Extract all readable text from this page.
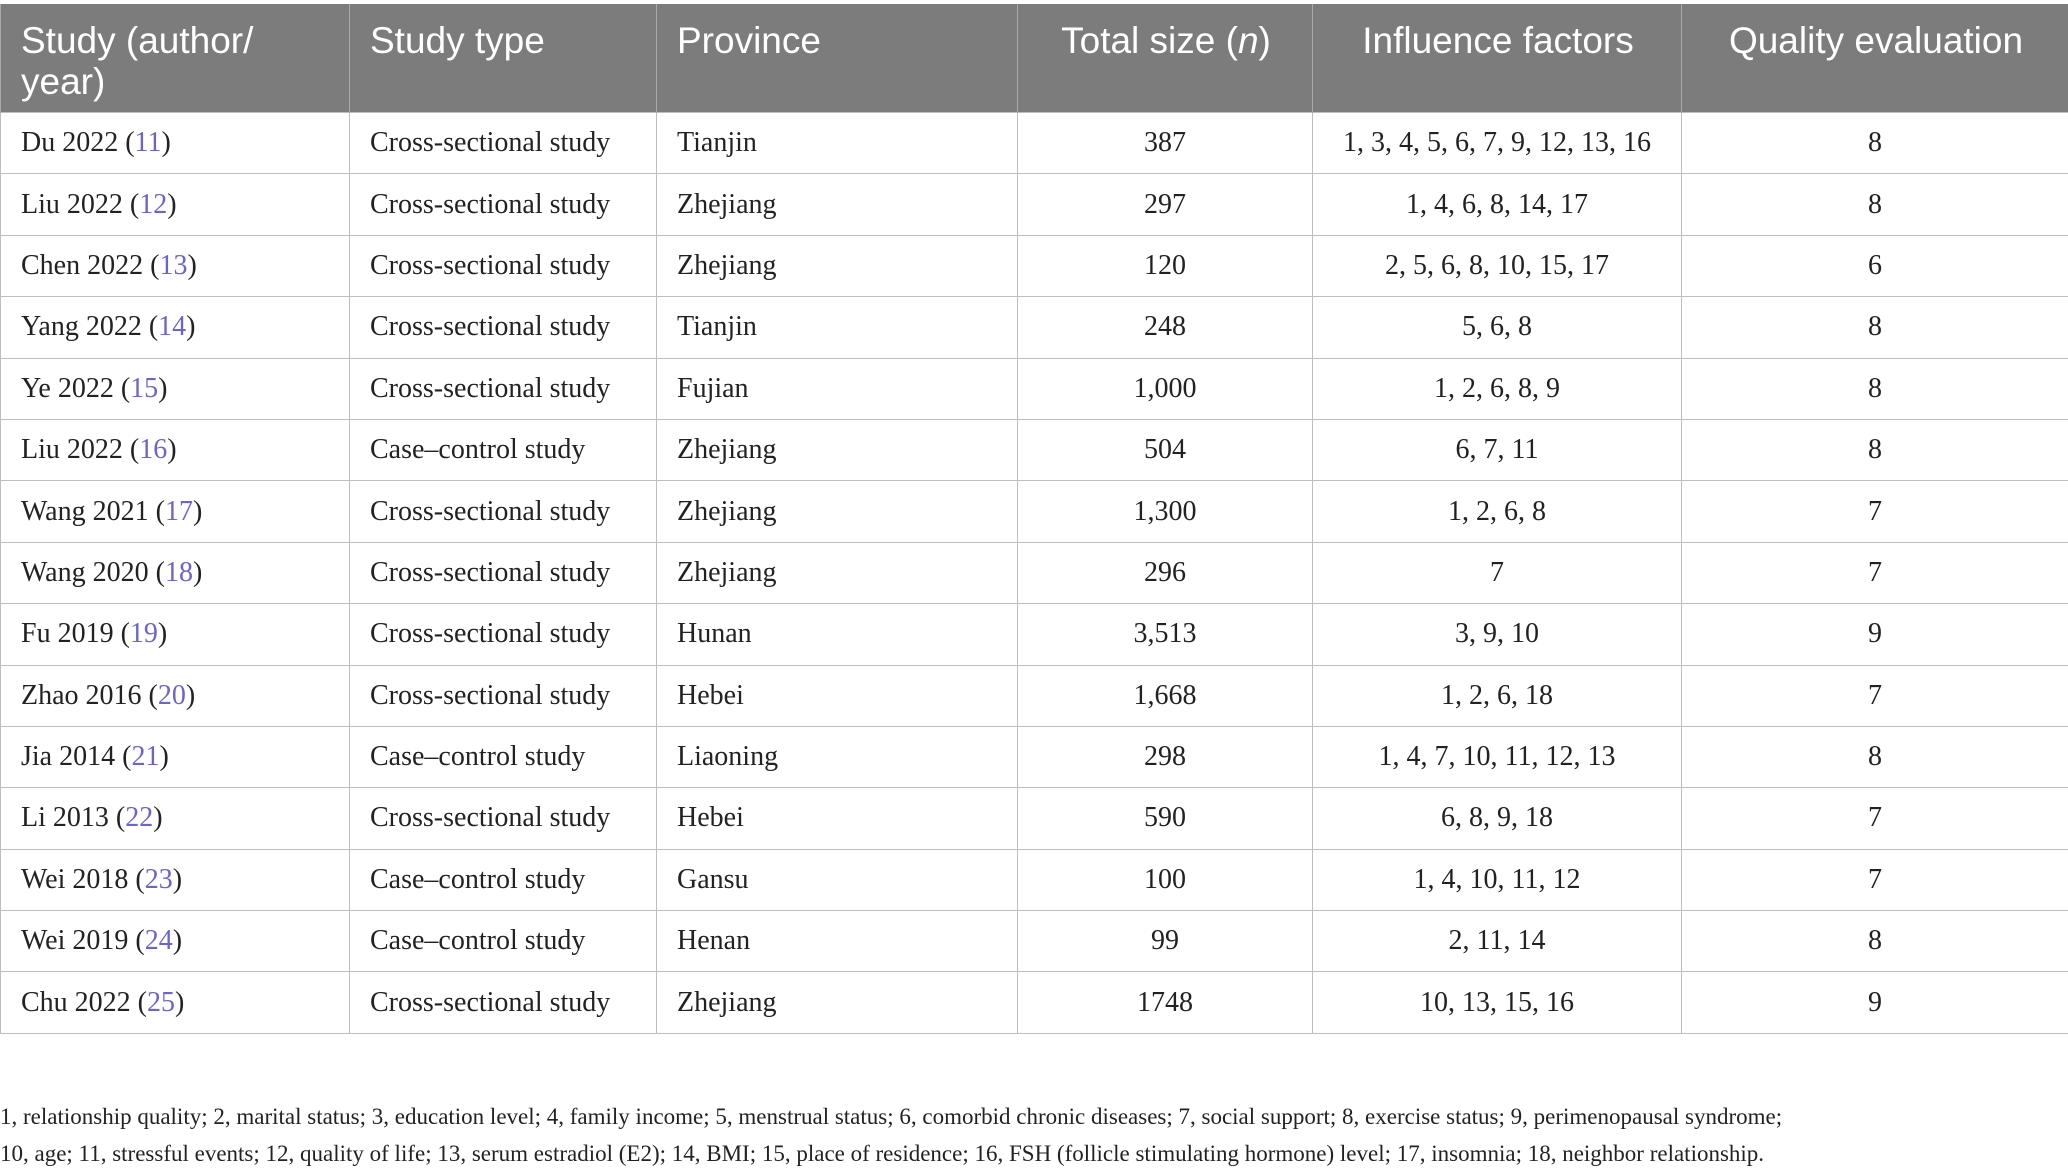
Study (author/ year)	Study type	Province	Total size (n)	Influence factors	Quality evaluation
Du 2022 (11)	Cross-sectional study	Tianjin	387	1, 3, 4, 5, 6, 7, 9, 12, 13, 16	8
Liu 2022 (12)	Cross-sectional study	Zhejiang	297	1, 4, 6, 8, 14, 17	8
Chen 2022 (13)	Cross-sectional study	Zhejiang	120	2, 5, 6, 8, 10, 15, 17	6
Yang 2022 (14)	Cross-sectional study	Tianjin	248	5, 6, 8	8
Ye 2022 (15)	Cross-sectional study	Fujian	1,000	1, 2, 6, 8, 9	8
Liu 2022 (16)	Case–control study	Zhejiang	504	6, 7, 11	8
Wang 2021 (17)	Cross-sectional study	Zhejiang	1,300	1, 2, 6, 8	7
Wang 2020 (18)	Cross-sectional study	Zhejiang	296	7	7
Fu 2019 (19)	Cross-sectional study	Hunan	3,513	3, 9, 10	9
Zhao 2016 (20)	Cross-sectional study	Hebei	1,668	1, 2, 6, 18	7
Jia 2014 (21)	Case–control study	Liaoning	298	1, 4, 7, 10, 11, 12, 13	8
Li 2013 (22)	Cross-sectional study	Hebei	590	6, 8, 9, 18	7
Wei 2018 (23)	Case–control study	Gansu	100	1, 4, 10, 11, 12	7
Wei 2019 (24)	Case–control study	Henan	99	2, 11, 14	8
Chu 2022 (25)	Cross-sectional study	Zhejiang	1748	10, 13, 15, 16	9
1, relationship quality; 2, marital status; 3, education level; 4, family income; 5, menstrual status; 6, comorbid chronic diseases; 7, social support; 8, exercise status; 9, perimenopausal syndrome;
10, age; 11, stressful events; 12, quality of life; 13, serum estradiol (E2); 14, BMI; 15, place of residence; 16, FSH (follicle stimulating hormone) level; 17, insomnia; 18, neighbor relationship.
